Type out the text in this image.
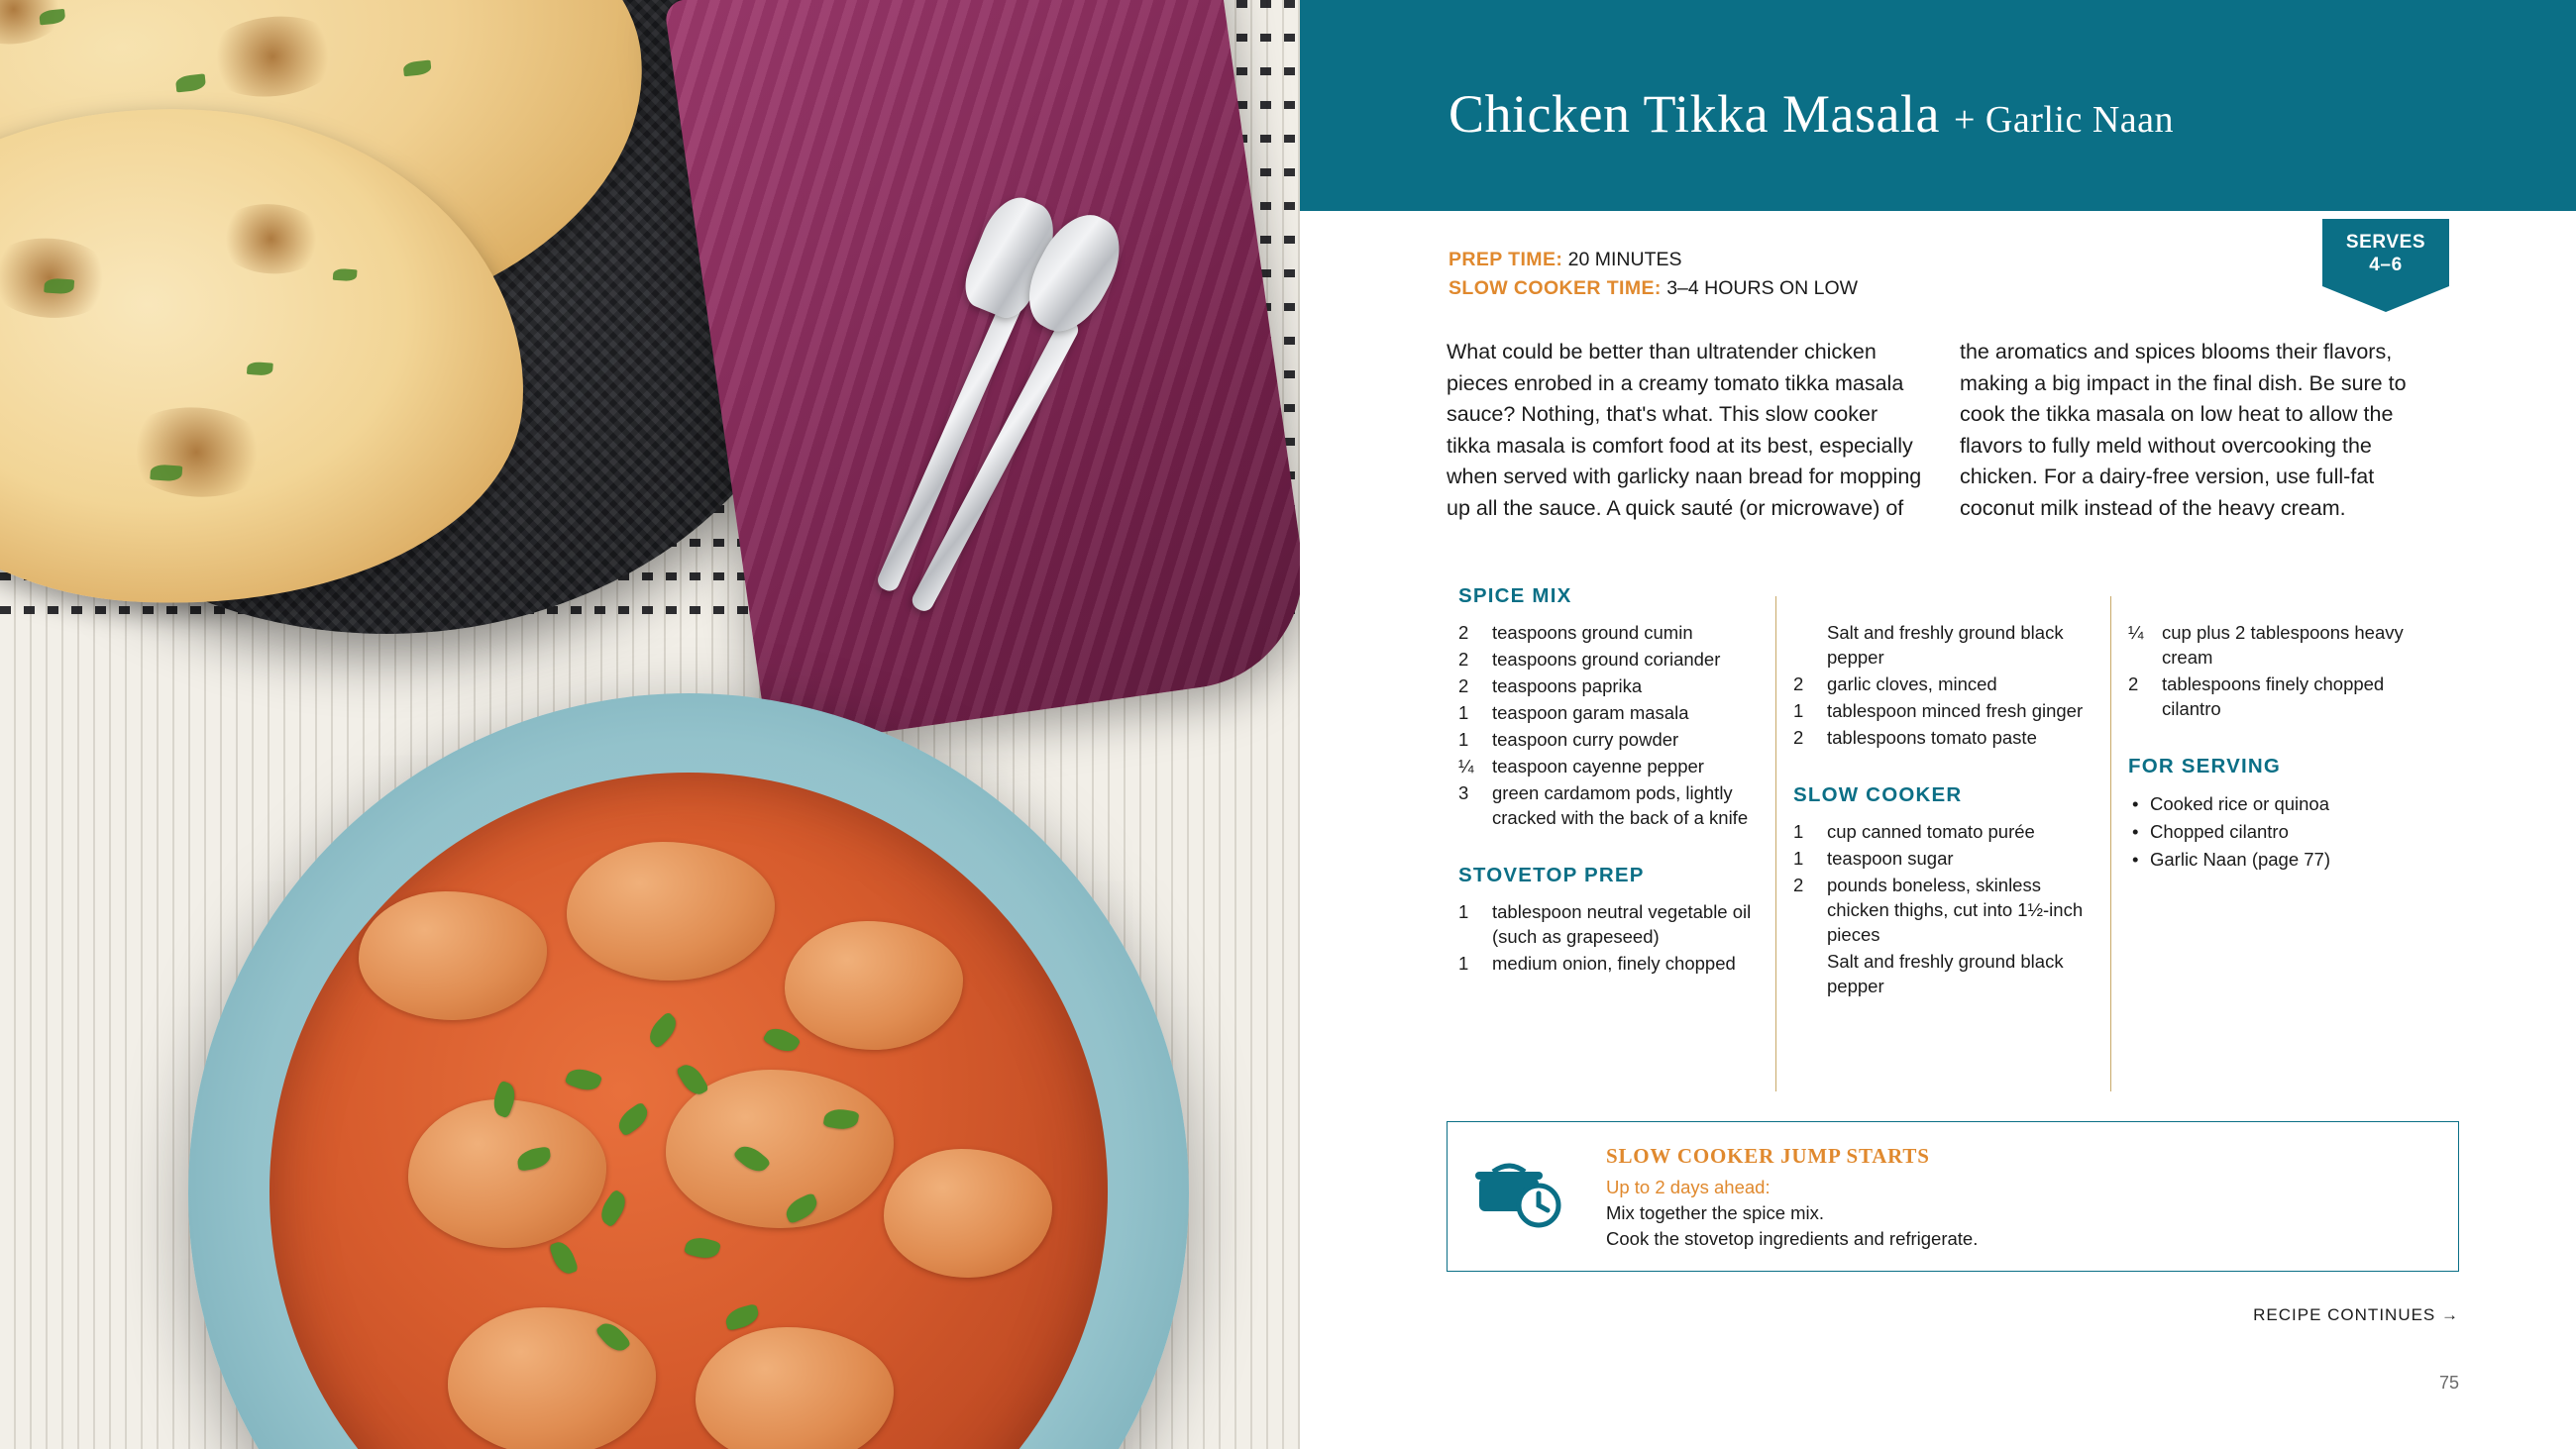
Chicken Tikka Masala + Garlic Naan
SERVES
4–6
PREP TIME: 20 MINUTES
SLOW COOKER TIME: 3–4 HOURS ON LOW
What could be better than ultratender chicken pieces enrobed in a creamy tomato tikka masala sauce? Nothing, that's what. This slow cooker tikka masala is comfort food at its best, especially when served with garlicky naan bread for mopping up all the sauce. A quick sauté (or microwave) of the aromatics and spices blooms their flavors, making a big impact in the final dish. Be sure to cook the tikka masala on low heat to allow the flavors to fully meld without overcooking the chicken. For a dairy-free version, use full-fat coconut milk instead of the heavy cream.
SPICE MIX
2	teaspoons ground cumin
2	teaspoons ground coriander
2	teaspoons paprika
1	teaspoon garam masala
1	teaspoon curry powder
¼	teaspoon cayenne pepper
3	green cardamom pods, lightly cracked with the back of a knife
STOVETOP PREP
1	tablespoon neutral vegetable oil (such as grapeseed)
1	medium onion, finely chopped
Salt and freshly ground black pepper
2	garlic cloves, minced
1	tablespoon minced fresh ginger
2	tablespoons tomato paste
SLOW COOKER
1	cup canned tomato purée
1	teaspoon sugar
2	pounds boneless, skinless chicken thighs, cut into 1½-inch pieces
Salt and freshly ground black pepper
¼	cup plus 2 tablespoons heavy cream
2	tablespoons finely chopped cilantro
FOR SERVING
• Cooked rice or quinoa
• Chopped cilantro
• Garlic Naan (page 77)
SLOW COOKER JUMP STARTS
Up to 2 days ahead:
Mix together the spice mix.
Cook the stovetop ingredients and refrigerate.
RECIPE CONTINUES →
75
